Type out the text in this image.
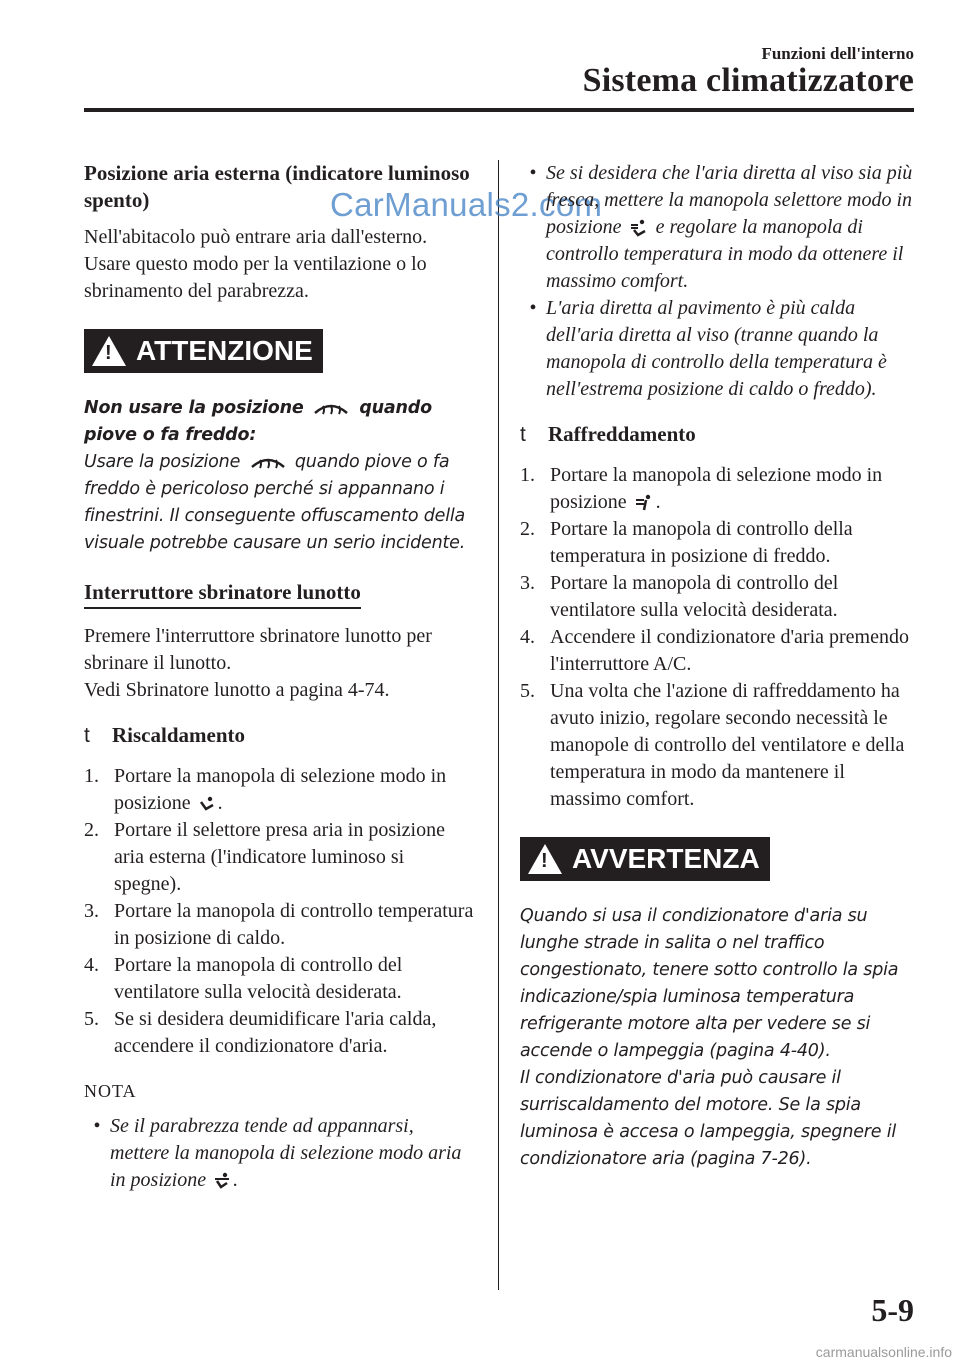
Funzioni dell'interno
Sistema climatizzatore

Posizione aria esterna (indicatore luminoso spento)

Nell'abitacolo può entrare aria dall'esterno. Usare questo modo per la ventilazione o lo sbrinamento del parabrezza.

! ATTENZIONE

Non usare la posizione	quando piove o fa freddo:

Usare la posizione	quando piove o fa freddo è pericoloso perché si appannano i finestrini. Il conseguente offuscamento della visuale potrebbe causare un serio incidente.

Interruttore sbrinatore lunotto

Premere l'interruttore sbrinatore lunotto per sbrinare il lunotto.

Vedi Sbrinatore lunotto a pagina 4-74.

t	Riscaldamento
1. Portare la manopola di selezione modo in posizione .
2. Portare il selettore presa aria in posizione aria esterna (l'indicatore luminoso si spegne).
3. Portare la manopola di controllo temperatura in posizione di caldo.
4. Portare la manopola di controllo del ventilatore sulla velocità desiderata.
5. Se si desidera deumidificare l'aria calda, accendere il condizionatore d'aria.
NOTA
• Se il parabrezza tende ad appannarsi, mettere la manopola di selezione modo aria in posizione .
CarManuals2.com
• Se si desidera che l'aria diretta al viso sia più fresca, mettere la manopola selettore modo in posizione e regolare la manopola di controllo temperatura in modo da ottenere il massimo comfort.
• L'aria diretta al pavimento è più calda dell'aria diretta al viso (tranne quando la manopola di controllo della temperatura è nell'estrema posizione di caldo o freddo).
t	Raffreddamento
1. Portare la manopola di selezione modo in posizione .
2. Portare la manopola di controllo della temperatura in posizione di freddo.
3. Portare la manopola di controllo del ventilatore sulla velocità desiderata.
4. Accendere il condizionatore d'aria premendo l'interruttore A/C.
5. Una volta che l'azione di raffreddamento ha avuto inizio, regolare secondo necessità le manopole di controllo del ventilatore e della temperatura in modo da mantenere il massimo comfort.
! AVVERTENZA

Quando si usa il condizionatore d'aria su lunghe strade in salita o nel traffico congestionato, tenere sotto controllo la spia indicazione/spia luminosa temperatura refrigerante motore alta per vedere se si accende o lampeggia (pagina 4-40).

Il condizionatore d'aria può causare il surriscaldamento del motore. Se la spia luminosa è accesa o lampeggia, spegnere il condizionatore aria (pagina 7-26).

5-9
carmanualsonline.info
